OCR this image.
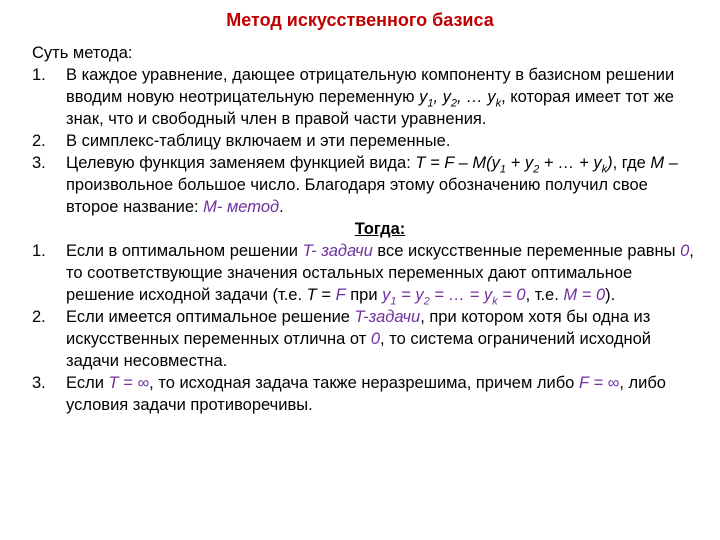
Метод искусственного базиса

Суть метода:

1. В каждое уравнение, дающее отрицательную компоненту в базисном решении вводим новую неотрицательную переменную $y_1$, $y_2$, … $y_k$, которая имеет тот же знак, что и свободный член в правой части уравнения.
2. В симплекс-таблицу включаем и эти переменные.
3. Целевую функция заменяем функцией вида: $T = F - M(y_1 + y_2$ + … + $y_k$), где M – произвольное большое число. Благодаря этому обозначению получил свое второе название: M- метод.
Тогда:
1. Если в оптимальном решении T- задачи все искусственные переменные равны 0, то соответствующие значения остальных переменных дают оптимальное решение исходной задачи (т.е. T = F при $y_1 = y_2$ = … = $y_k = 0$, т.е. M = 0).
2. Если имеется оптимальное решение T-задачи, при котором хотя бы одна из искусственных переменных отлична от 0, то система ограничений исходной задачи несовместна.
3. Если T = ∞, то исходная задача также неразрешима, причем либо F = ∞, либо условия задачи противоречивы.
